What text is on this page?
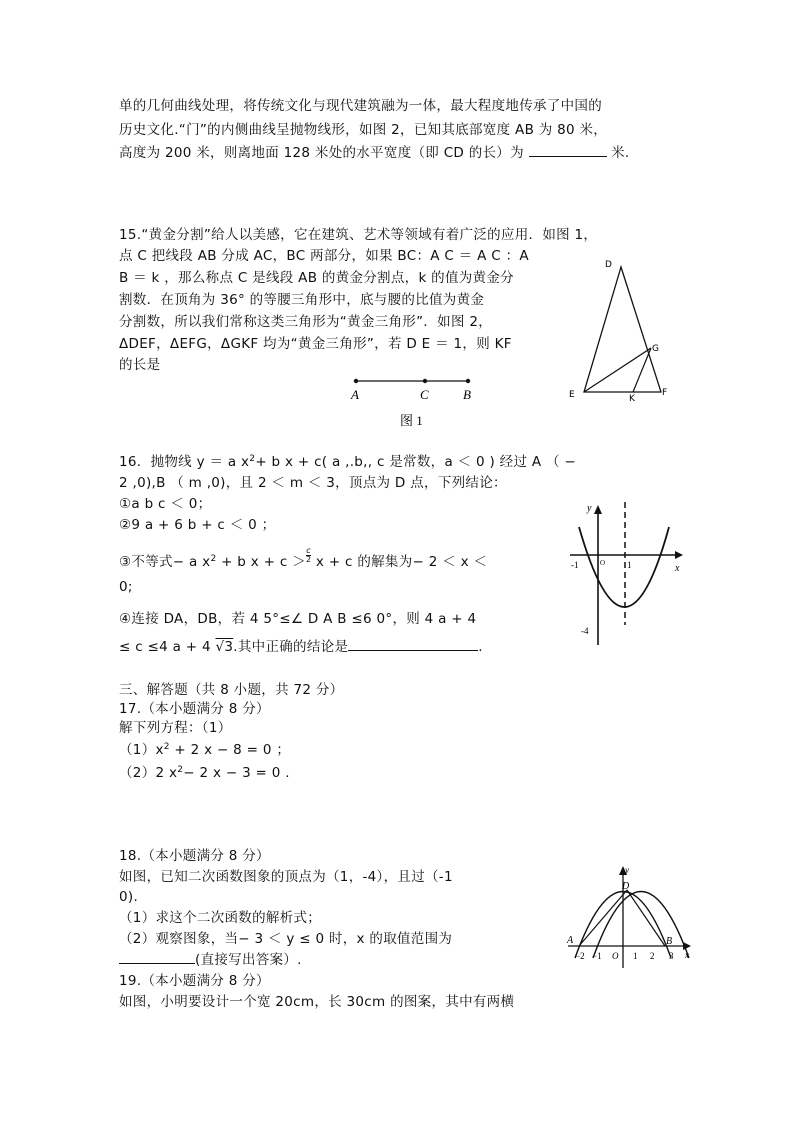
单的几何曲线处理，将传统文化与现代建筑融为一体，最大程度地传承了中国的
历史文化.“门”的内侧曲线呈抛物线形，如图 2，已知其底部宽度 AB 为 80 米，
高度为 200 米，则离地面 128 米处的水平宽度（即 CD 的长）为	米.
15.“黄金分割”给人以美感，它在建筑、艺术等领域有着广泛的应用．如图 1，
点 C 把线段 AB 分成 AC，BC 两部分，如果 BC：A C ＝ A C ：A
B ＝ k ，那么称点 C 是线段 AB 的黄金分割点，k 的值为黄金分
割数．在顶角为 36° 的等腰三角形中，底与腰的比值为黄金
分割数，所以我们常称这类三角形为“黄金三角形”．如图 2，
ΔDEF，ΔEFG，ΔGKF 均为“黄金三角形”，若 D E ＝ 1，则 KF
的长是
A	C	B
图 1
D
G
E	K
F
16．抛物线 y ＝ a $x^2+ b$ x + c( a ,.b,, c 是常数，a ＜ 0 ) 经过 A （ −
2 ,0),B （ m ,0)，且 2 ＜ m ＜ 3，顶点为 D 点，下列结论：
①a b c ＜ 0；
②9 a + 6 b + c ＜ 0 ；
③不等式− a $x^2 + b$ $x + c > \frac{c}{2}$ x + c 的解集为− 2 ＜ x ＜
0;
④连接 DA，DB，若 4 5°≤∠ D A B ≤6 0°，则 4 a + 4
≤ c ≤4 a + 4 √3.其中正确的结论是	.
y
x
-1	1
-4
O
三、解答题（共 8 小题，共 72 分）
17.（本小题满分 8 分）
解下列方程：（1）
$(1)x^2 + 2$ x − 8 = 0 ；
（2）2 $x^2- 2$ x − 3 = 0 .
18.（本小题满分 8 分）
如图，已知二次函数图象的顶点为（1，-4），且过（-1
0).
（1）求这个二次函数的解析式；
（2）观察图象，当− 3 ＜ y ≤ 0 时，x 的取值范围为
(直接写出答案）.
19.（本小题满分 8 分）
如图，小明要设计一个宽 20cm，长 30cm 的图案，其中有两横
y
D
A	B
−2 −1 O 1 2 3 x
